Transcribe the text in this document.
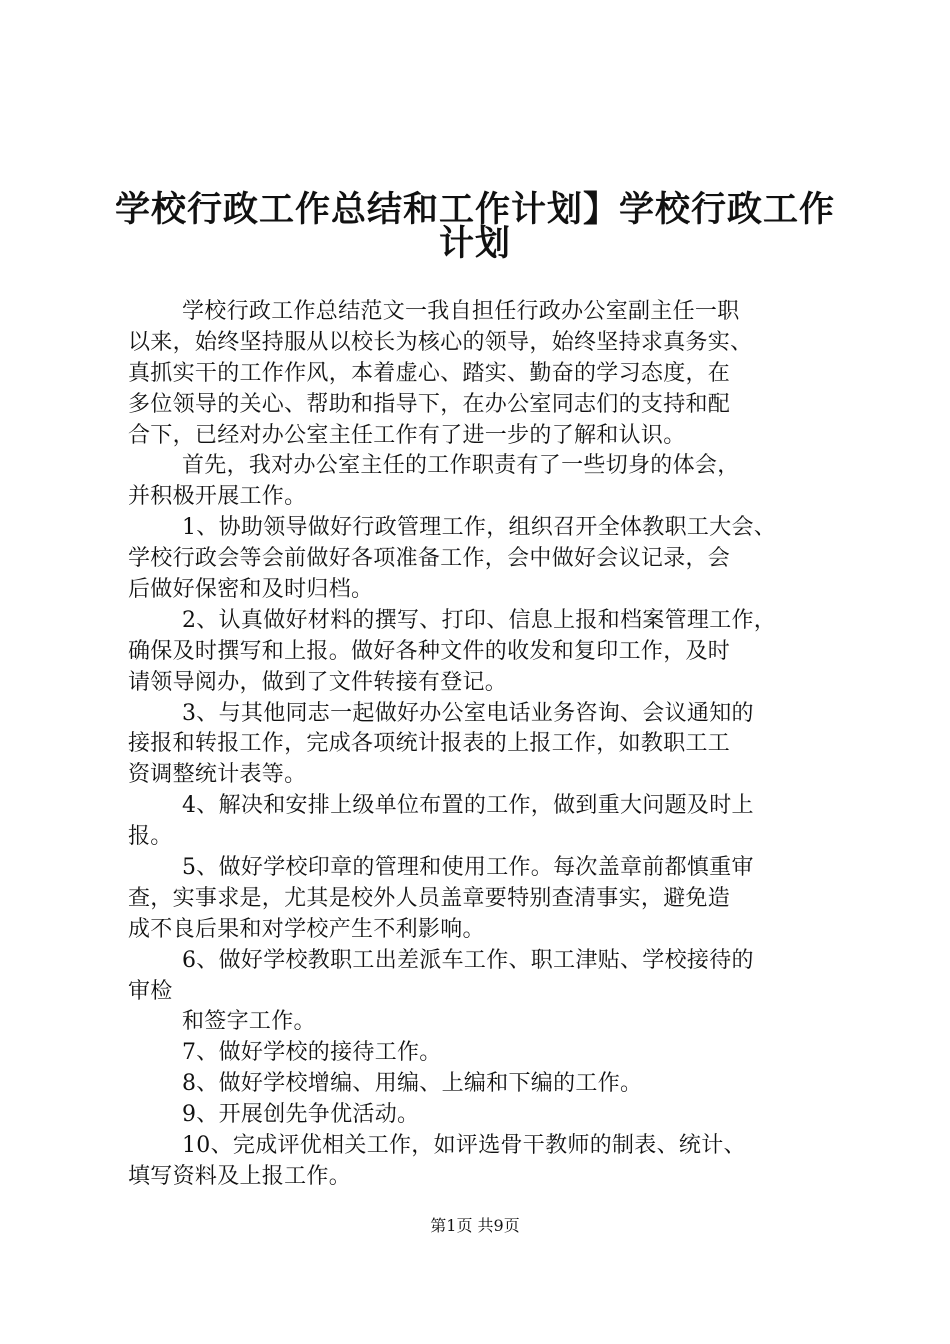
学校行政工作总结和工作计划】学校行政工作
计划
学校行政工作总结范文一我自担任行政办公室副主任一职
以来，始终坚持服从以校长为核心的领导，始终坚持求真务实、
真抓实干的工作作风，本着虚心、踏实、勤奋的学习态度，在
多位领导的关心、帮助和指导下，在办公室同志们的支持和配
合下，已经对办公室主任工作有了进一步的了解和认识。
首先，我对办公室主任的工作职责有了一些切身的体会，
并积极开展工作。
1、协助领导做好行政管理工作，组织召开全体教职工大会、
学校行政会等会前做好各项准备工作，会中做好会议记录，会
后做好保密和及时归档。
2、认真做好材料的撰写、打印、信息上报和档案管理工作，
确保及时撰写和上报。做好各种文件的收发和复印工作，及时
请领导阅办，做到了文件转接有登记。
3、与其他同志一起做好办公室电话业务咨询、会议通知的
接报和转报工作，完成各项统计报表的上报工作，如教职工工
资调整统计表等。
4、解决和安排上级单位布置的工作，做到重大问题及时上
报。
5、做好学校印章的管理和使用工作。每次盖章前都慎重审
查，实事求是，尤其是校外人员盖章要特别查清事实，避免造
成不良后果和对学校产生不利影响。
6、做好学校教职工出差派车工作、职工津贴、学校接待的
审检
和签字工作。
7、做好学校的接待工作。
8、做好学校增编、用编、上编和下编的工作。
9、开展创先争优活动。
10、完成评优相关工作，如评选骨干教师的制表、统计、
填写资料及上报工作。
第1页 共9页
